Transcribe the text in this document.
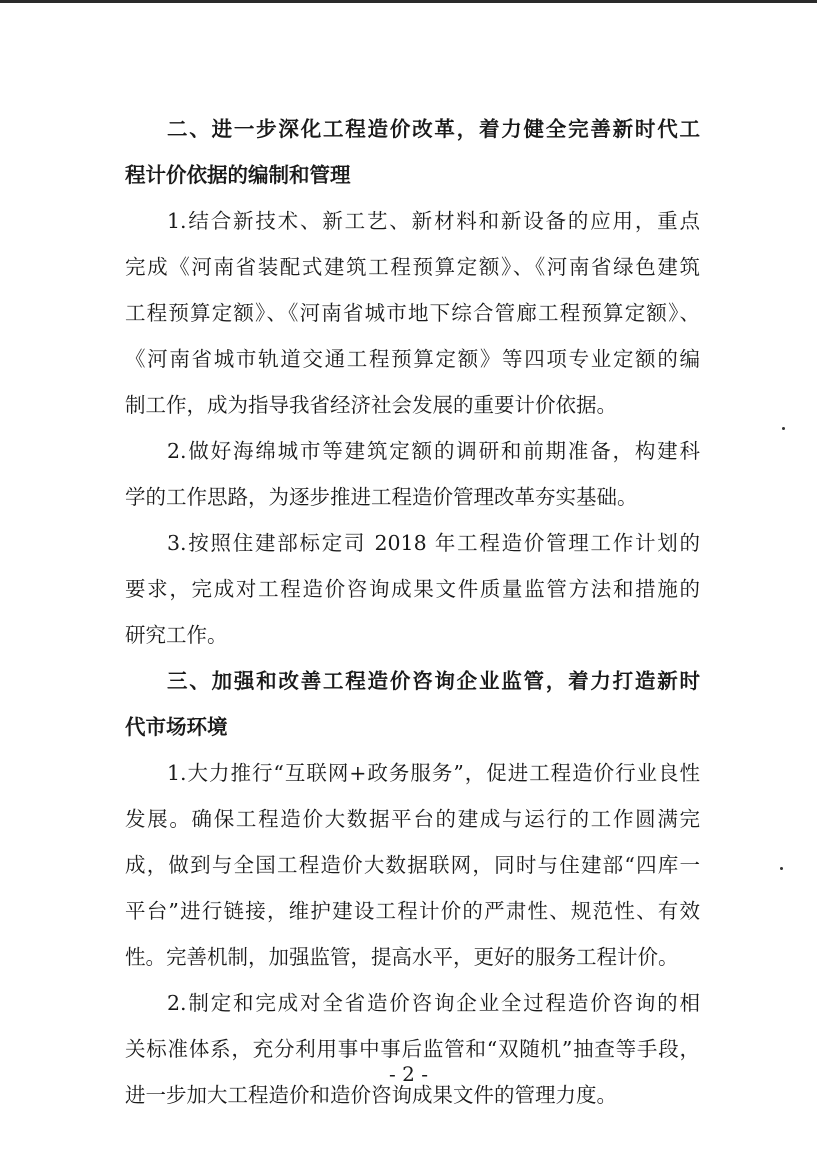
二、进一步深化工程造价改革，着力健全完善新时代工
程计价依据的编制和管理
1.结合新技术、新工艺、新材料和新设备的应用，重点
完成《河南省装配式建筑工程预算定额》、《河南省绿色建筑
工程预算定额》、《河南省城市地下综合管廊工程预算定额》、
《河南省城市轨道交通工程预算定额》等四项专业定额的编
制工作，成为指导我省经济社会发展的重要计价依据。
2.做好海绵城市等建筑定额的调研和前期准备，构建科
学的工作思路，为逐步推进工程造价管理改革夯实基础。
3.按照住建部标定司 2018 年工程造价管理工作计划的
要求，完成对工程造价咨询成果文件质量监管方法和措施的
研究工作。
三、加强和改善工程造价咨询企业监管，着力打造新时
代市场环境
1.大力推行“互联网+政务服务”，促进工程造价行业良性
发展。确保工程造价大数据平台的建成与运行的工作圆满完
成，做到与全国工程造价大数据联网，同时与住建部“四库一
平台”进行链接，维护建设工程计价的严肃性、规范性、有效
性。完善机制，加强监管，提高水平，更好的服务工程计价。
2.制定和完成对全省造价咨询企业全过程造价咨询的相
关标准体系，充分利用事中事后监管和“双随机”抽查等手段，
进一步加大工程造价和造价咨询成果文件的管理力度。
- 2 -
